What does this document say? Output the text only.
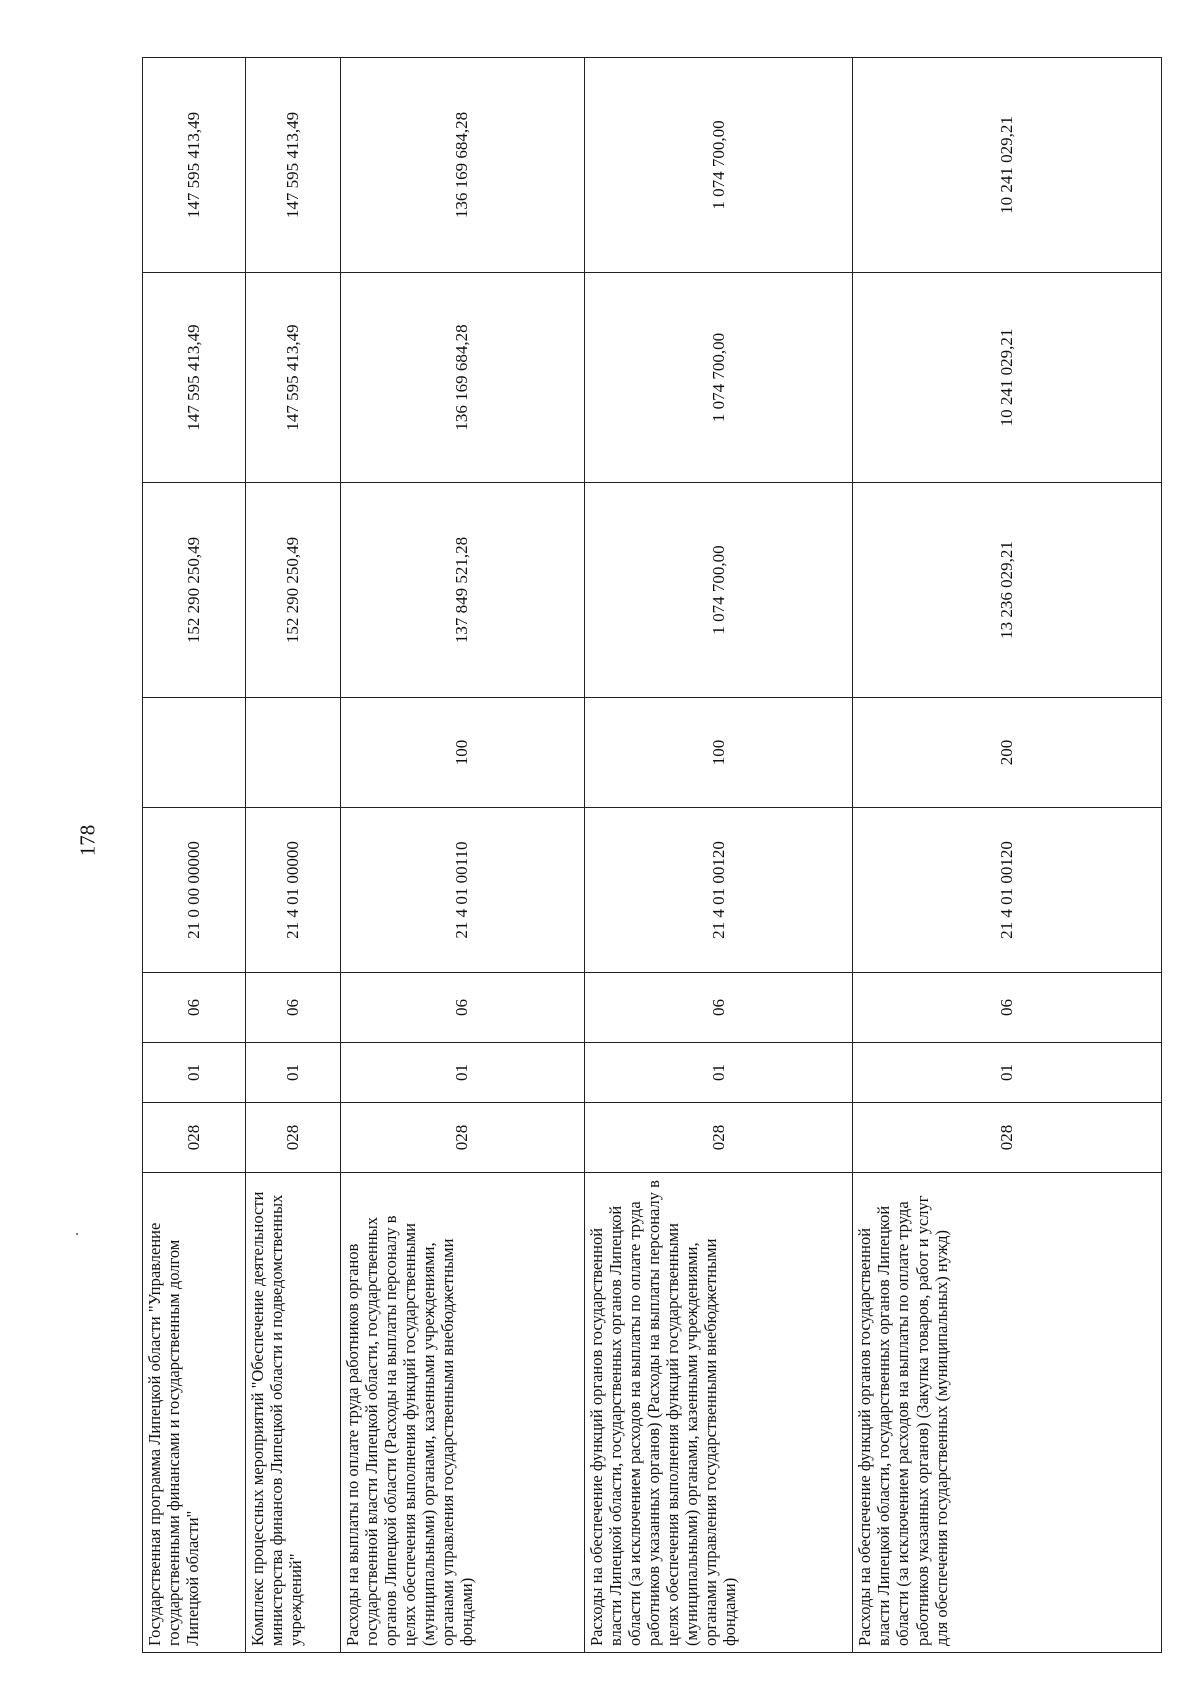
178
Государственная программа Липецкой области "Управление государственными финансами и государственным долгом Липецкой области"	028	01	06	21 0 00 00000		152 290 250,49	147 595 413,49	147 595 413,49
Комплекс процессных мероприятий "Обеспечение деятельности министерства финансов Липецкой области и подведомственных учреждений"	028	01	06	21 4 01 00000		152 290 250,49	147 595 413,49	147 595 413,49
Расходы на выплаты по оплате труда работников органов государственной власти Липецкой области, государственных органов Липецкой области (Расходы на выплаты персоналу в целях обеспечения выполнения функций государственными (муниципальными) органами, казенными учреждениями, органами управления государственными внебюджетными фондами)	028	01	06	21 4 01 00110	100	137 849 521,28	136 169 684,28	136 169 684,28
Расходы на обеспечение функций органов государственной власти Липецкой области, государственных органов Липецкой области (за исключением расходов на выплаты по оплате труда работников указанных органов) (Расходы на выплаты персоналу в целях обеспечения выполнения функций государственными (муниципальными) органами, казенными учреждениями, органами управления государственными внебюджетными фондами)	028	01	06	21 4 01 00120	100	1 074 700,00	1 074 700,00	1 074 700,00
Расходы на обеспечение функций органов государственной власти Липецкой области, государственных органов Липецкой области (за исключением расходов на выплаты по оплате труда работников указанных органов) (Закупка товаров, работ и услуг для обеспечения государственных (муниципальных) нужд)	028	01	06	21 4 01 00120	200	13 236 029,21	10 241 029,21	10 241 029,21
